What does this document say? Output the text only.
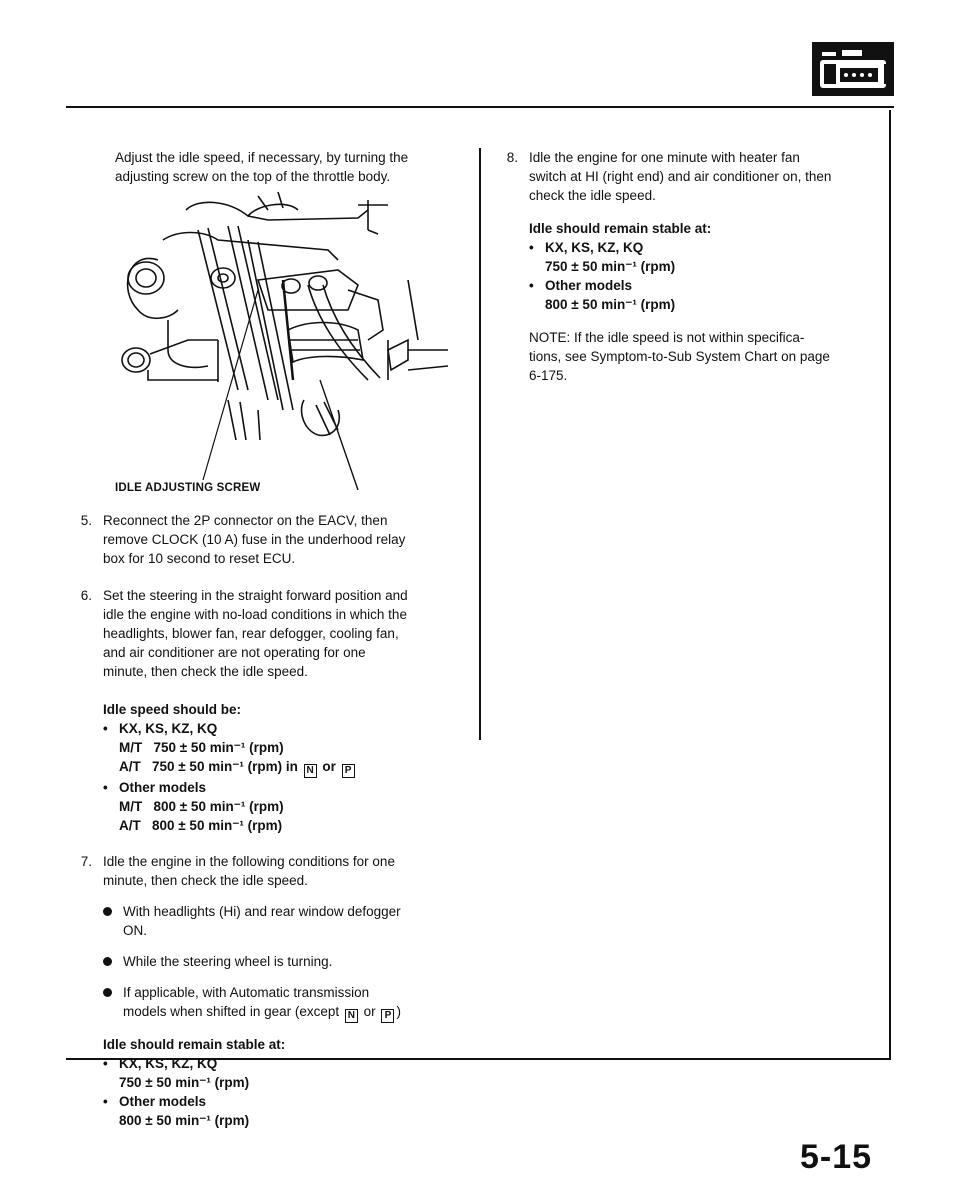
Adjust the idle speed, if necessary, by turning the
adjusting screw on the top of the throttle body.
IDLE ADJUSTING SCREW
5. Reconnect the 2P connector on the EACV, then
remove CLOCK (10 A) fuse in the underhood relay
box for 10 second to reset ECU.
6. Set the steering in the straight forward position and
idle the engine with no-load conditions in which the
headlights, blower fan, rear defogger, cooling fan,
and air conditioner are not operating for one
minute, then check the idle speed.
Idle speed should be:
• KX, KS, KZ, KQ
M/T   750 ± 50 min⁻¹ (rpm)
A/T   750 ± 50 min⁻¹ (rpm) in N or P
• Other models
M/T   800 ± 50 min⁻¹ (rpm)
A/T   800 ± 50 min⁻¹ (rpm)
7. Idle the engine in the following conditions for one
minute, then check the idle speed.
With headlights (Hi) and rear window defogger
ON.
While the steering wheel is turning.
If applicable, with Automatic transmission
models when shifted in gear (except N or P )
Idle should remain stable at:
• KX, KS, KZ, KQ
750 ± 50 min⁻¹ (rpm)
• Other models
800 ± 50 min⁻¹ (rpm)
8. Idle the engine for one minute with heater fan
switch at HI (right end) and air conditioner on, then
check the idle speed.
Idle should remain stable at:
• KX, KS, KZ, KQ
750 ± 50 min⁻¹ (rpm)
• Other models
800 ± 50 min⁻¹ (rpm)
NOTE: If the idle speed is not within specifica-
tions, see Symptom-to-Sub System Chart on page
6-175.
5-15
